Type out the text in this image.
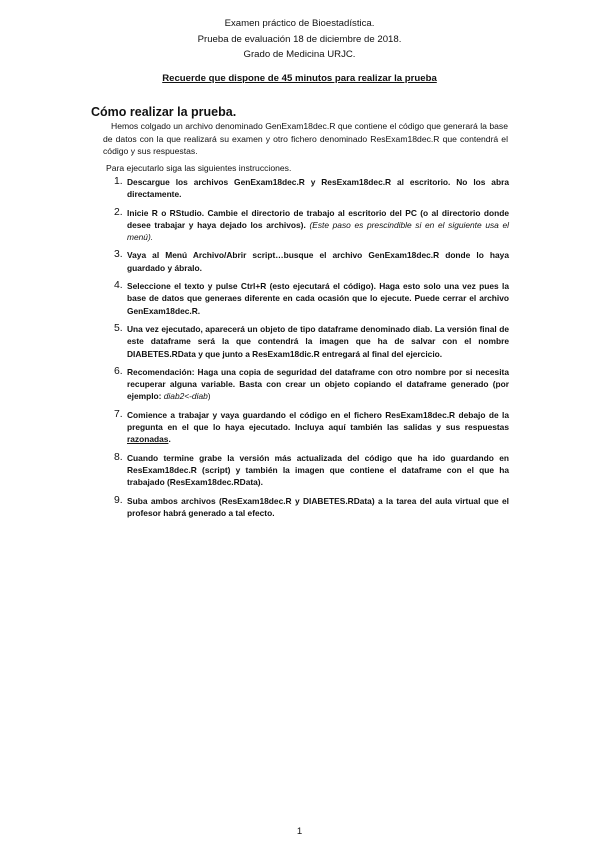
Examen práctico de Bioestadística.
Prueba de evaluación 18 de diciembre de 2018.
Grado de Medicina URJC.
Recuerde que dispone de 45 minutos para realizar la prueba
Cómo realizar la prueba.
Hemos colgado un archivo denominado GenExam18dec.R que contiene el código que generará la base de datos con la que realizará su examen y otro fichero denominado ResExam18dec.R que contendrá el código y sus respuestas.
Para ejecutarlo siga las siguientes instrucciones.
1. Descargue los archivos GenExam18dec.R y ResExam18dec.R al escritorio. No los abra directamente.
2. Inicie R o RStudio. Cambie el directorio de trabajo al escritorio del PC (o al directorio donde desee trabajar y haya dejado los archivos). (Este paso es prescindible si en el siguiente usa el menú).
3. Vaya al Menú Archivo/Abrir script…busque el archivo GenExam18dec.R donde lo haya guardado y ábralo.
4. Seleccione el texto y pulse Ctrl+R (esto ejecutará el código). Haga esto solo una vez pues la base de datos que generaes diferente en cada ocasión que lo ejecute. Puede cerrar el archivo GenExam18dec.R.
5. Una vez ejecutado, aparecerá un objeto de tipo dataframe denominado diab. La versión final de este dataframe será la que contendrá la imagen que ha de salvar con el nombre DIABETES.RData y que junto a ResExam18dic.R entregará al final del ejercicio.
6. Recomendación: Haga una copia de seguridad del dataframe con otro nombre por si necesita recuperar alguna variable. Basta con crear un objeto copiando el dataframe generado (por ejemplo: diab2<-diab)
7. Comience a trabajar y vaya guardando el código en el fichero ResExam18dec.R debajo de la pregunta en el que lo haya ejecutado. Incluya aquí también las salidas y sus respuestas razonadas.
8. Cuando termine grabe la versión más actualizada del código que ha ido guardando en ResExam18dec.R (script) y también la imagen que contiene el dataframe con el que ha trabajado (ResExam18dec.RData).
9. Suba ambos archivos (ResExam18dec.R y DIABETES.RData) a la tarea del aula virtual que el profesor habrá generado a tal efecto.
1
